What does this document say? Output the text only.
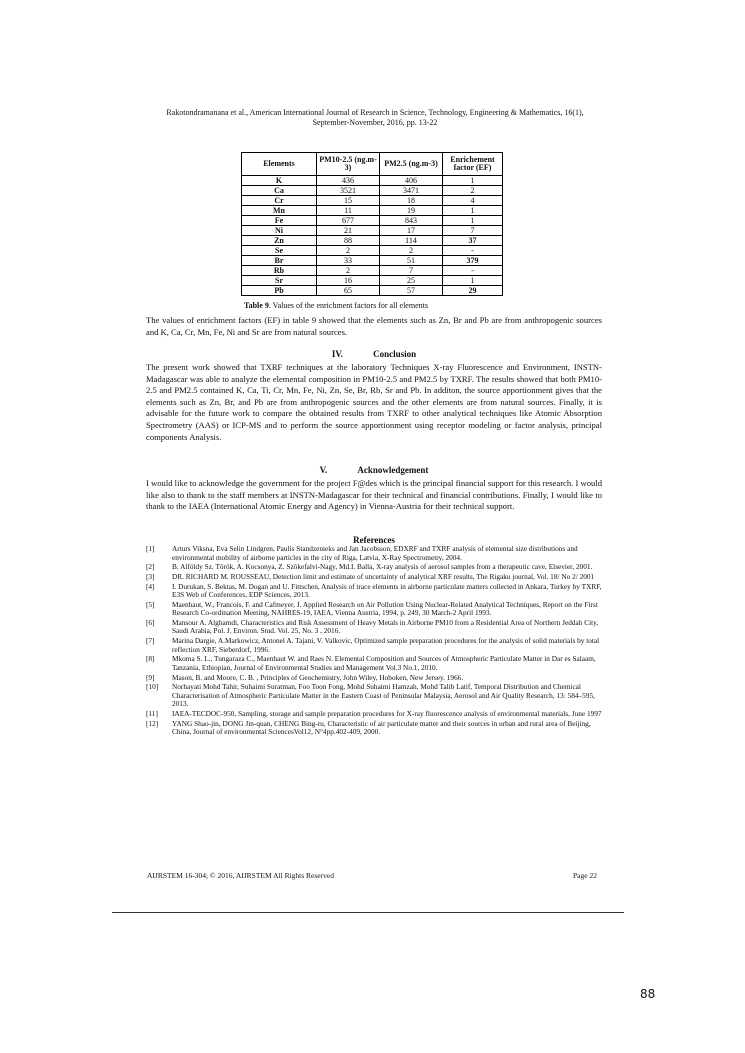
Rakotondramanana et al., American International Journal of Research in Science, Technology, Engineering & Mathematics, 16(1),
September-November, 2016, pp. 13-22
Elements	PM10-2.5 (ng.m-3)	PM2.5 (ng.m-3)	Enrichement factor (EF)
K	436	406	1
Ca	3521	3471	2
Cr	15	18	4
Mn	11	19	1
Fe	677	843	1
Ni	21	17	7
Zn	88	114	37
Se	2	2	-
Br	33	51	379
Rb	2	7	-
Sr	16	25	1
Pb	65	57	29
Table 9. Values of the enrichment factors for all elements
The values of enrichment factors (EF) in table 9 showed that the elements such as Zn, Br and Pb are from anthropogenic sources and K, Ca, Cr, Mn, Fe, Ni and Sr are from natural sources.
IV.	Conclusion
The present work showed that TXRF techniques at the laboratory Techniques X-ray Fluorescence and Environment, INSTN-Madagascar was able to analyze the elemental composition in PM10-2.5 and PM2.5 by TXRF. The results showed that both PM10-2.5 and PM2.5 contained K, Ca, Ti, Cr, Mn, Fe, Ni, Zn, Se, Br, Rb, Sr and Pb. In additon, the source apportionment gives that the elements such as Zn, Br, and Pb are from anthropogenic sources and the other elements are from natural sources. Finally, it is advisable for the future work to compare the obtained results from TXRF to other analytical techniques like Atomic Absorption Spectrometry (AAS) or ICP-MS and to perform the source apportionment using receptor modeling or factor analysis, principal components Analysis.
V.	Acknowledgement
I would like to acknowledge the government for the project F@des which is the principal financial support for this research. I would like also to thank to the staff members at INSTN-Madagascar for their technical and financial contributions. Finally, I would like to thank to the IAEA (International Atomic Energy and Agency) in Vienna-Austria for their technical support.
References
[1]	Arturs Viksna, Eva Selin Lindgren, Paulis Standzenieks and Jan Jacobsson, EDXRF and TXRF analysis of elemental size distributions and environmental mobility of airborne particles in the city of Riga, Latvia, X-Ray Spectrometry, 2004.
[2]	B. Alföldy Sz. Török, A. Kocsonya, Z. Szökefalvi-Nagy, Md.I. Balla, X-ray analysis of aerosol samples from a therapeutic cave, Elsevier, 2001.
[3]	DR. RICHARD M. ROUSSEAU, Detection limit and estimate of uncertainty of analytical XRF results, The Rigaku journal, Vol. 18/ No 2/ 2001
[4]	I. Durukan, S. Bektas, M. Dogan and U. Fittschen, Analysis of trace elements in airborne particulate matters collected in Ankara, Turkey by TXRF, E3S Web of Conferences, EDP Sciences, 2013.
[5]	Maenhaut, W., Francois, F. and Cafmeyer, J. Applied Research on Air Pollution Using Nuclear-Related Analytical Techniques, Report on the First Research Co-ordination Meeting, NAHRES-19, IAEA, Vienna Austria, 1994, p. 249, 30 March-2 April 1993.
[6]	Mansour A. Alghamdi, Characteristics and Risk Assessment of Heavy Metals in Airborne PM10 from a Residential Area of Northern Jeddah City, Saudi Arabia, Pol. J. Environ. Stud. Vol. 25, No. 3 , 2016.
[7]	Marina Dargie, A.Markowicz, Antonel A. Tajani, V. Valkovic, Optimized sample preparation procedures for the analysis of solid materials by total reflection XRF, Sieberdorf, 1996.
[8]	Mkoma S. L., Tungaraza C., Maenhaut W. and Raes N. Elemental Composition and Sources of Atmospheric Particulate Matter in Dar es Salaam, Tanzania, Ethiopian, Journal of Environmental Studies and Management Vol.3 No.1, 2010.
[9]	Mason, B. and Moore, C. B. , Principles of Geochemistry, John Wiley, Hoboken, New Jersey. 1966.
[10]	Norhayati Mohd Tahir, Suhaimi Suratman, Foo Toon Fong, Mohd Suhaimi Hamzah, Mohd Talib Latif, Temporal Distribution and Chemical Characterisation of Atmospheric Particulate Matter in the Eastern Coast of Peninsular Malaysia, Aerosol and Air Quality Research, 13: 584–595, 2013.
[11]	IAEA-TECDOC-950, Sampling, storage and sample preparation procedures for X-ray fluorescence analysis of environmental materials, June 1997
[12]	YANG Shao-jin, DONG Jin-quan, CHENG Bing-ru, Characteristic of air particulate matter and their sources in urban and rural area of Beijing, China, Journal of environmental SciencesVol12, N°4pp.402-409, 2000.
AIJRSTEM 16-304; © 2016, AIJRSTEM All Rights Reserved	Page 22
88
